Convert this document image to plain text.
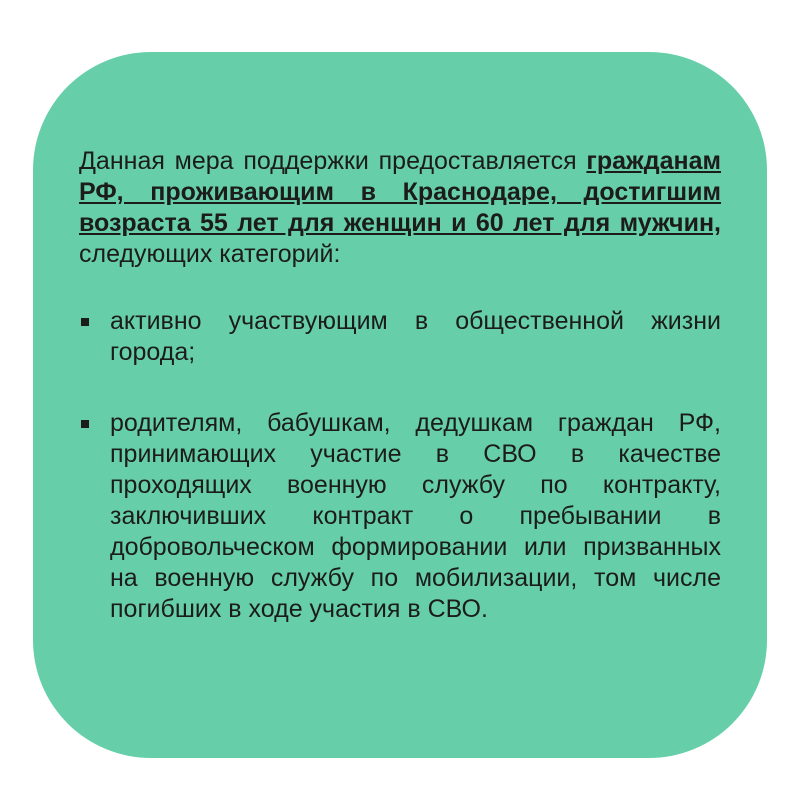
Данная мера поддержки предоставляется гражданам РФ, проживающим в Краснодаре, достигшим возраста 55 лет для женщин и 60 лет для мужчин, следующих категорий:

активно участвующим в общественной жизни города;
родителям, бабушкам, дедушкам граждан РФ, принимающих участие в СВО в качестве проходящих военную службу по контракту, заключивших контракт о пребывании в добровольческом формировании или призванных на военную службу по мобилизации, том числе погибших в ходе участия в СВО.
